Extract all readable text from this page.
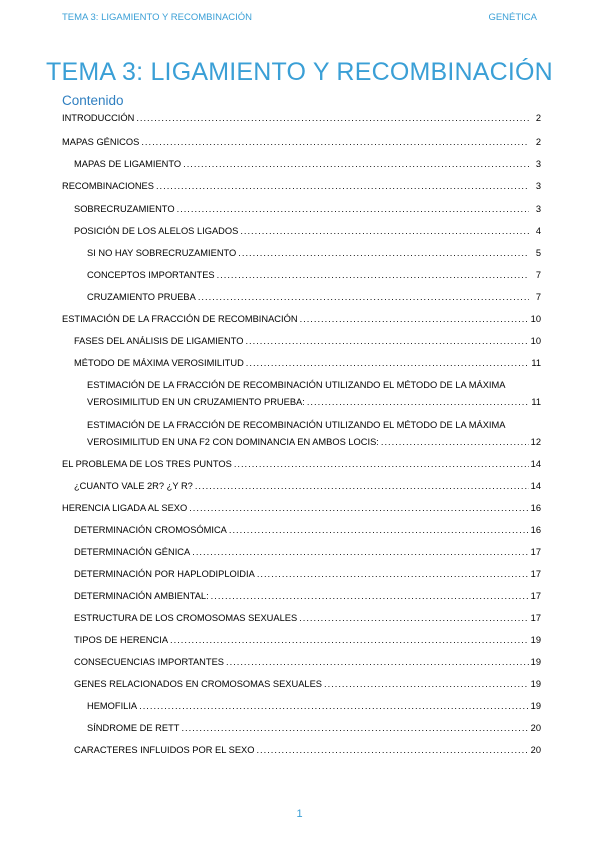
TEMA 3: LIGAMIENTO Y RECOMBINACIÓN	GENÉTICA
TEMA 3: LIGAMIENTO Y RECOMBINACIÓN
Contenido
INTRODUCCIÓN .....	2
MAPAS GÉNICOS .....	2
MAPAS DE LIGAMIENTO .....	3
RECOMBINACIONES .....	3
SOBRECRUZAMIENTO .....	3
POSICIÓN DE LOS ALELOS LIGADOS .....	4
SI NO HAY SOBRECRUZAMIENTO .....	5
CONCEPTOS IMPORTANTES .....	7
CRUZAMIENTO PRUEBA .....	7
ESTIMACIÓN DE LA FRACCIÓN DE RECOMBINACIÓN .....	10
FASES DEL ANÁLISIS DE LIGAMIENTO .....	10
MÉTODO DE MÁXIMA VEROSIMILITUD .....	11
ESTIMACIÓN DE LA FRACCIÓN DE RECOMBINACIÓN UTILIZANDO EL MÉTODO DE LA MÁXIMA
VEROSIMILITUD EN UN CRUZAMIENTO PRUEBA: .....	11
ESTIMACIÓN DE LA FRACCIÓN DE RECOMBINACIÓN UTILIZANDO EL MÉTODO DE LA MÁXIMA
VEROSIMILITUD EN UNA F2 CON DOMINANCIA EN AMBOS LOCIS: .....	12
EL PROBLEMA DE LOS TRES PUNTOS .....	14
¿CUANTO VALE 2R? ¿Y R? .....	14
HERENCIA LIGADA AL SEXO .....	16
DETERMINACIÓN CROMOSÓMICA .....	16
DETERMINACIÓN GÉNICA .....	17
DETERMINACIÓN POR HAPLODIPLOIDIA .....	17
DETERMINACIÓN AMBIENTAL: .....	17
ESTRUCTURA DE LOS CROMOSOMAS SEXUALES .....	17
TIPOS DE HERENCIA .....	19
CONSECUENCIAS IMPORTANTES .....	19
GENES RELACIONADOS EN CROMOSOMAS SEXUALES .....	19
HEMOFILIA .....	19
SÍNDROME DE RETT .....	20
CARACTERES INFLUIDOS POR EL SEXO .....	20
1
